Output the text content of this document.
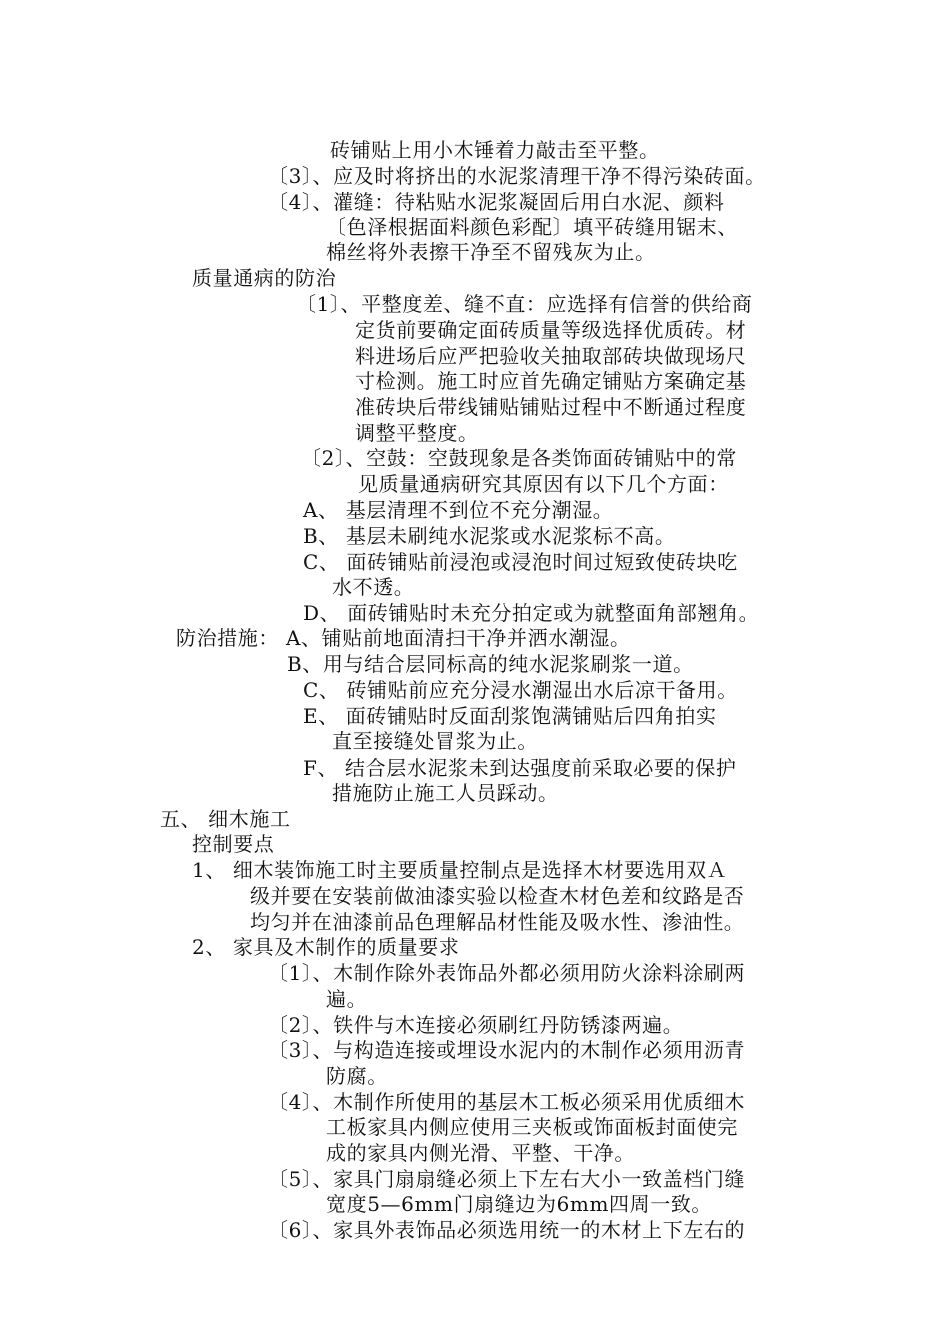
砖铺贴上用小木锤着力敲击至平整。
〔3〕、应及时将挤出的水泥浆清理干净不得污染砖面。
〔4〕、灌缝：待粘贴水泥浆凝固后用白水泥、颜料
〔色泽根据面料颜色彩配〕填平砖缝用锯末、
棉丝将外表擦干净至不留残灰为止。
质量通病的防治
〔1〕、平整度差、缝不直：应选择有信誉的供给商
定货前要确定面砖质量等级选择优质砖。材
料进场后应严把验收关抽取部砖块做现场尺
寸检测。施工时应首先确定铺贴方案确定基
准砖块后带线铺贴铺贴过程中不断通过程度
调整平整度。
〔2〕、空鼓：空鼓现象是各类饰面砖铺贴中的常
见质量通病研究其原因有以下几个方面：
A、 基层清理不到位不充分潮湿。
B、 基层未刷纯水泥浆或水泥浆标不高。
C、 面砖铺贴前浸泡或浸泡时间过短致使砖块吃
水不透。
D、 面砖铺贴时未充分拍定或为就整面角部翘角。
防治措施： A、铺贴前地面清扫干净并洒水潮湿。
B、用与结合层同标高的纯水泥浆刷浆一道。
C、 砖铺贴前应充分浸水潮湿出水后凉干备用。
E、 面砖铺贴时反面刮浆饱满铺贴后四角拍实
直至接缝处冒浆为止。
F、 结合层水泥浆未到达强度前采取必要的保护
措施防止施工人员踩动。
五、 细木施工
控制要点
1、 细木装饰施工时主要质量控制点是选择木材要选用双Ａ
级并要在安装前做油漆实验以检查木材色差和纹路是否
均匀并在油漆前品色理解品材性能及吸水性、渗油性。
2、 家具及木制作的质量要求
〔1〕、木制作除外表饰品外都必须用防火涂料涂刷两
遍。
〔2〕、铁件与木连接必须刷红丹防锈漆两遍。
〔3〕、与构造连接或埋设水泥内的木制作必须用沥青
防腐。
〔4〕、木制作所使用的基层木工板必须采用优质细木
工板家具内侧应使用三夹板或饰面板封面使完
成的家具内侧光滑、平整、干净。
〔5〕、家具门扇扇缝必须上下左右大小一致盖档门缝
宽度5—6mm门扇缝边为6mm四周一致。
〔6〕、家具外表饰品必须选用统一的木材上下左右的
